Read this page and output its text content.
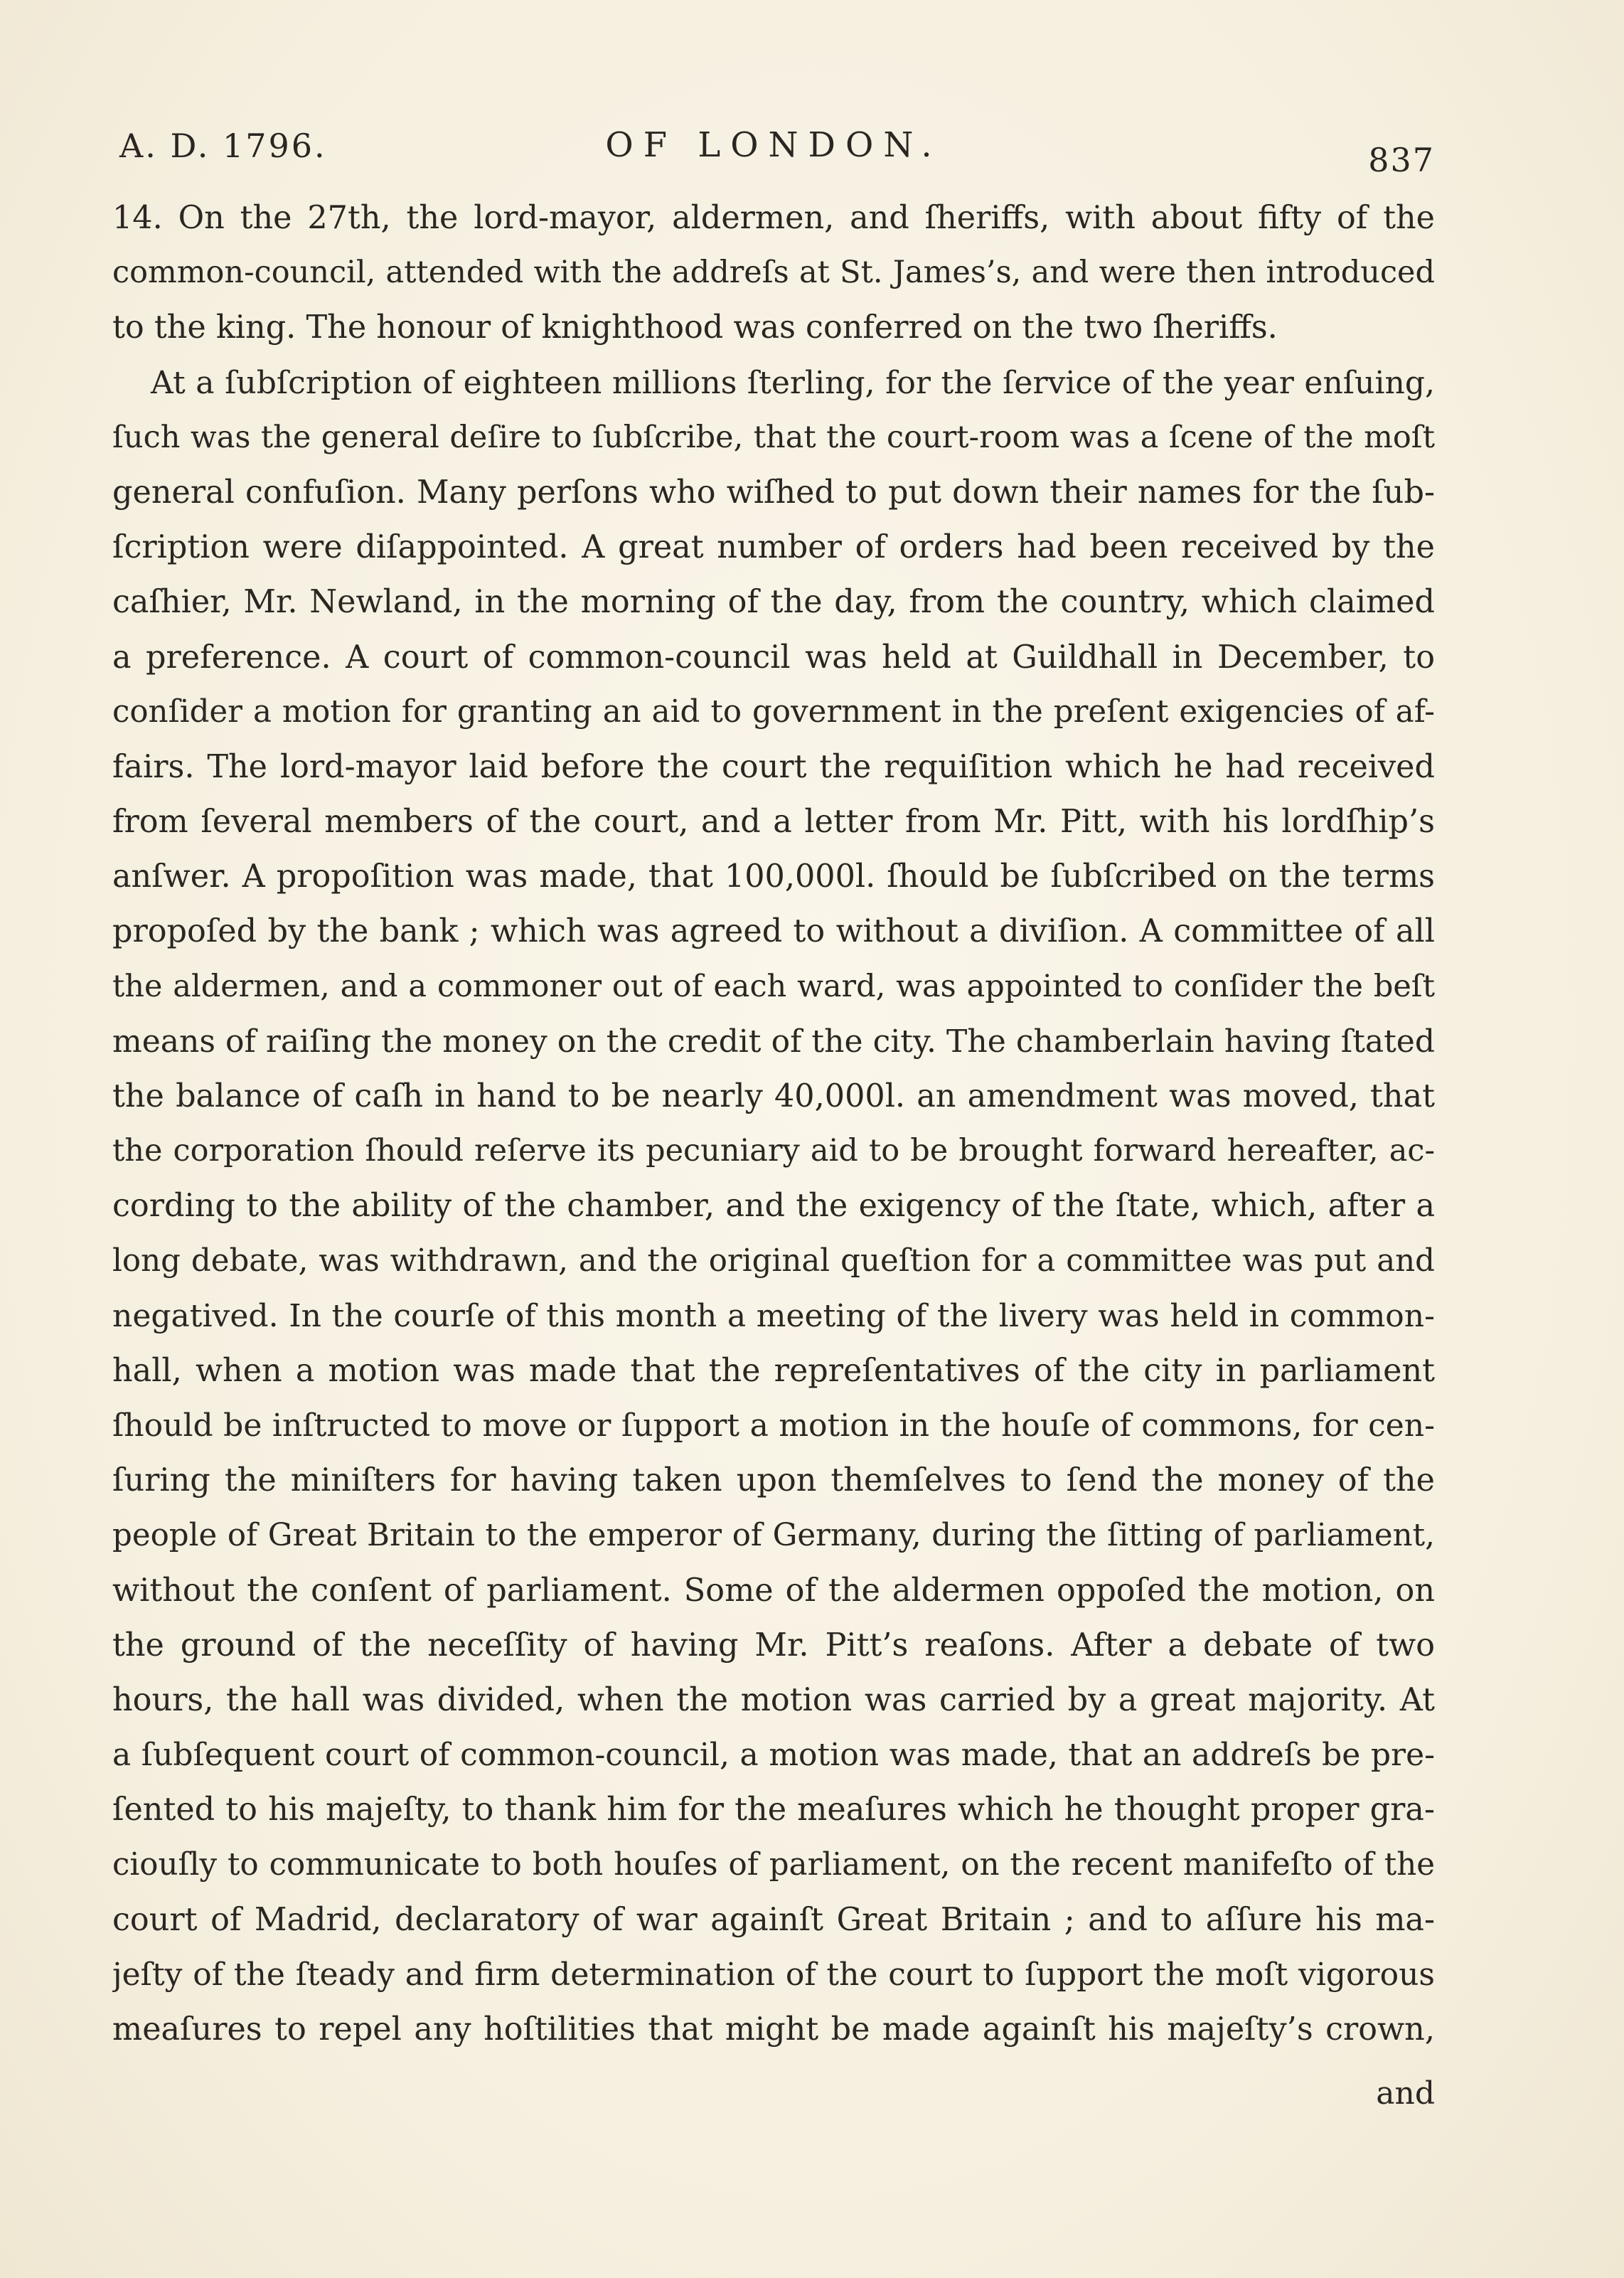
A. D. 1796.	OF LONDON.	837
14. On the 27th, the lord-mayor, aldermen, and ſheriffs, with about fifty of the
common-council, attended with the addreſs at St. James’s, and were then introduced
to the king. The honour of knighthood was conferred on the two ſheriffs.
At a ſubſcription of eighteen millions ſterling, for the ſervice of the year enſuing,
ſuch was the general deſire to ſubſcribe, that the court-room was a ſcene of the moſt
general confuſion. Many perſons who wiſhed to put down their names for the ſub-
ſcription were diſappointed. A great number of orders had been received by the
caſhier, Mr. Newland, in the morning of the day, from the country, which claimed
a preference. A court of common-council was held at Guildhall in December, to
conſider a motion for granting an aid to government in the preſent exigencies of af-
fairs. The lord-mayor laid before the court the requiſition which he had received
from ſeveral members of the court, and a letter from Mr. Pitt, with his lordſhip’s
anſwer. A propoſition was made, that 100,000l. ſhould be ſubſcribed on the terms
propoſed by the bank ; which was agreed to without a diviſion. A committee of all
the aldermen, and a commoner out of each ward, was appointed to conſider the beſt
means of raiſing the money on the credit of the city. The chamberlain having ſtated
the balance of caſh in hand to be nearly 40,000l. an amendment was moved, that
the corporation ſhould reſerve its pecuniary aid to be brought forward hereafter, ac-
cording to the ability of the chamber, and the exigency of the ſtate, which, after a
long debate, was withdrawn, and the original queſtion for a committee was put and
negatived. In the courſe of this month a meeting of the livery was held in common-
hall, when a motion was made that the repreſentatives of the city in parliament
ſhould be inſtructed to move or ſupport a motion in the houſe of commons, for cen-
ſuring the miniſters for having taken upon themſelves to ſend the money of the
people of Great Britain to the emperor of Germany, during the ſitting of parliament,
without the conſent of parliament. Some of the aldermen oppoſed the motion, on
the ground of the neceſſity of having Mr. Pitt’s reaſons. After a debate of two
hours, the hall was divided, when the motion was carried by a great majority. At
a ſubſequent court of common-council, a motion was made, that an addreſs be pre-
ſented to his majeſty, to thank him for the meaſures which he thought proper gra-
ciouſly to communicate to both houſes of parliament, on the recent manifeſto of the
court of Madrid, declaratory of war againſt Great Britain ; and to aſſure his ma-
jeſty of the ſteady and firm determination of the court to ſupport the moſt vigorous
meaſures to repel any hoſtilities that might be made againſt his majeſty’s crown,
and
